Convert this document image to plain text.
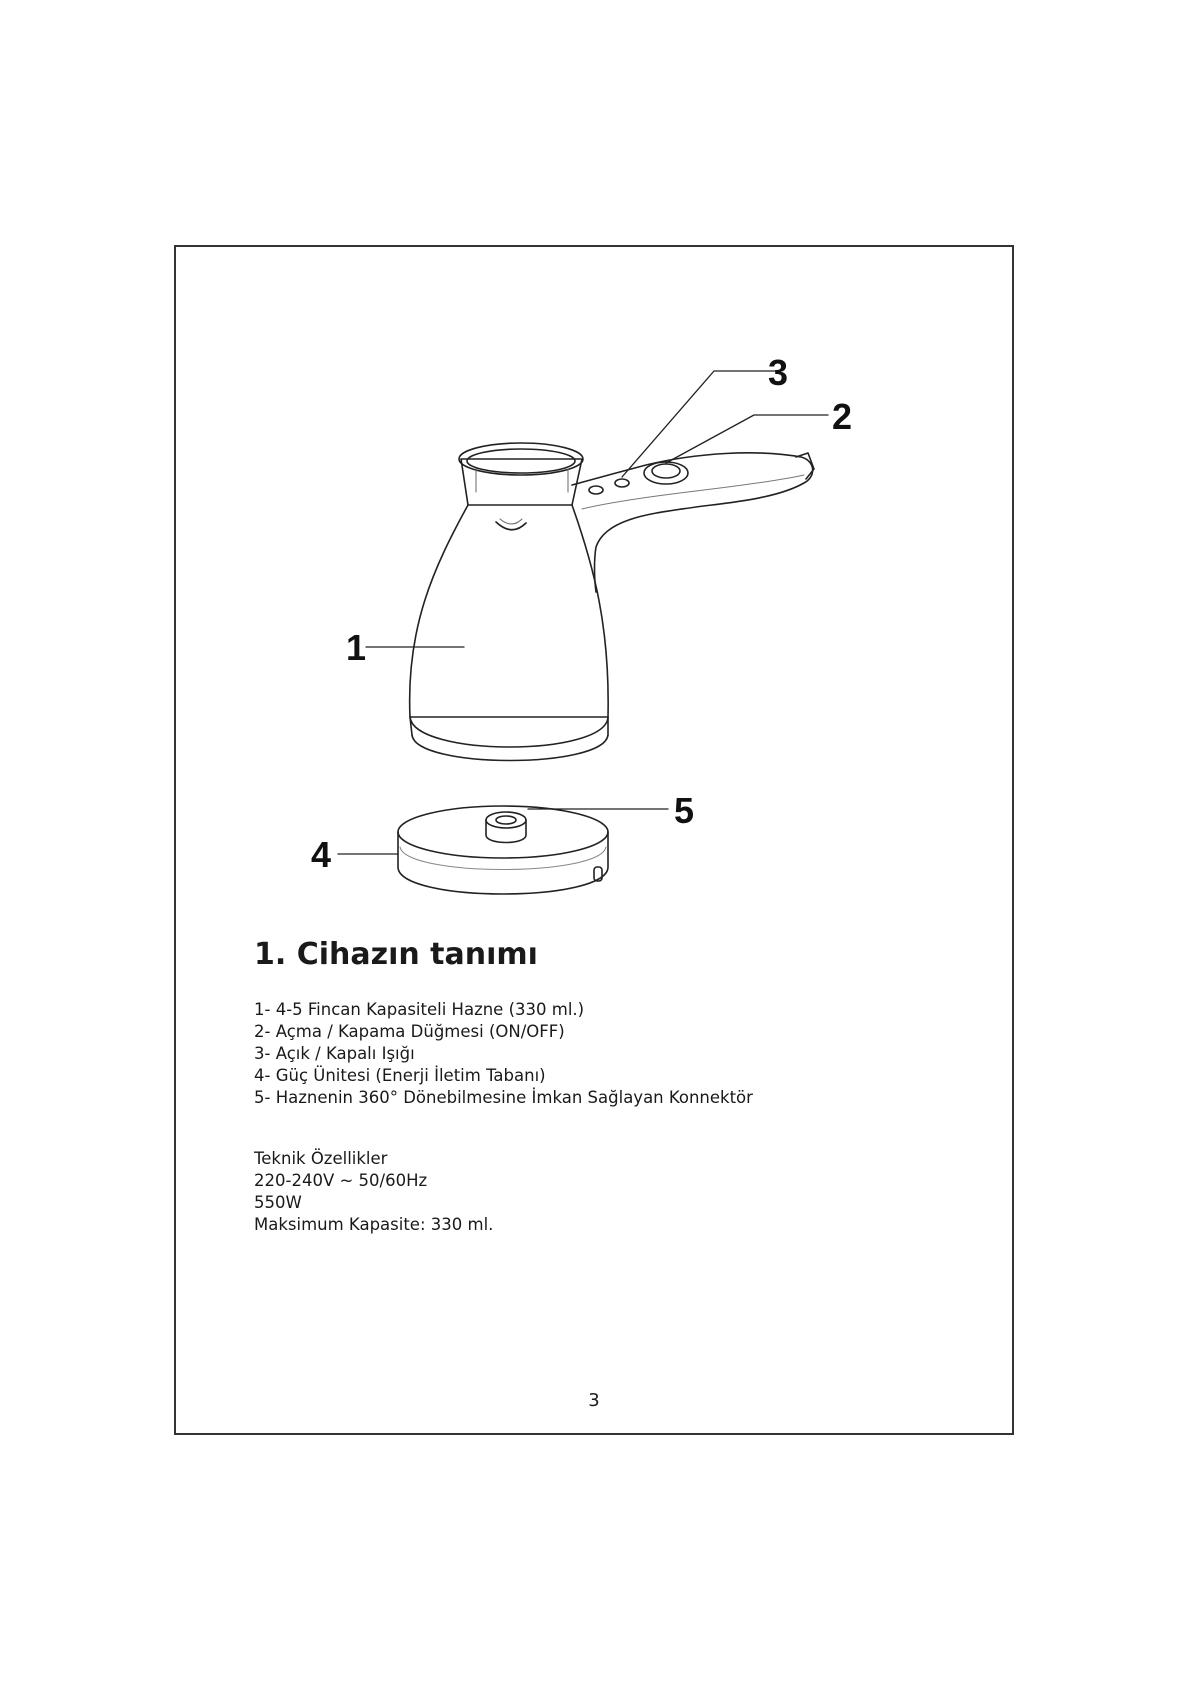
1
2
3
4
5
1. Cihazın tanımı
1- 4-5 Fincan Kapasiteli Hazne (330 ml.)
2- Açma / Kapama Düğmesi (ON/OFF)
3- Açık / Kapalı Işığı
4- Güç Ünitesi (Enerji İletim Tabanı)
5- Haznenin 360° Dönebilmesine İmkan Sağlayan Konnektör
Teknik Özellikler
220-240V ~ 50/60Hz
550W
Maksimum Kapasite: 330 ml.
3
